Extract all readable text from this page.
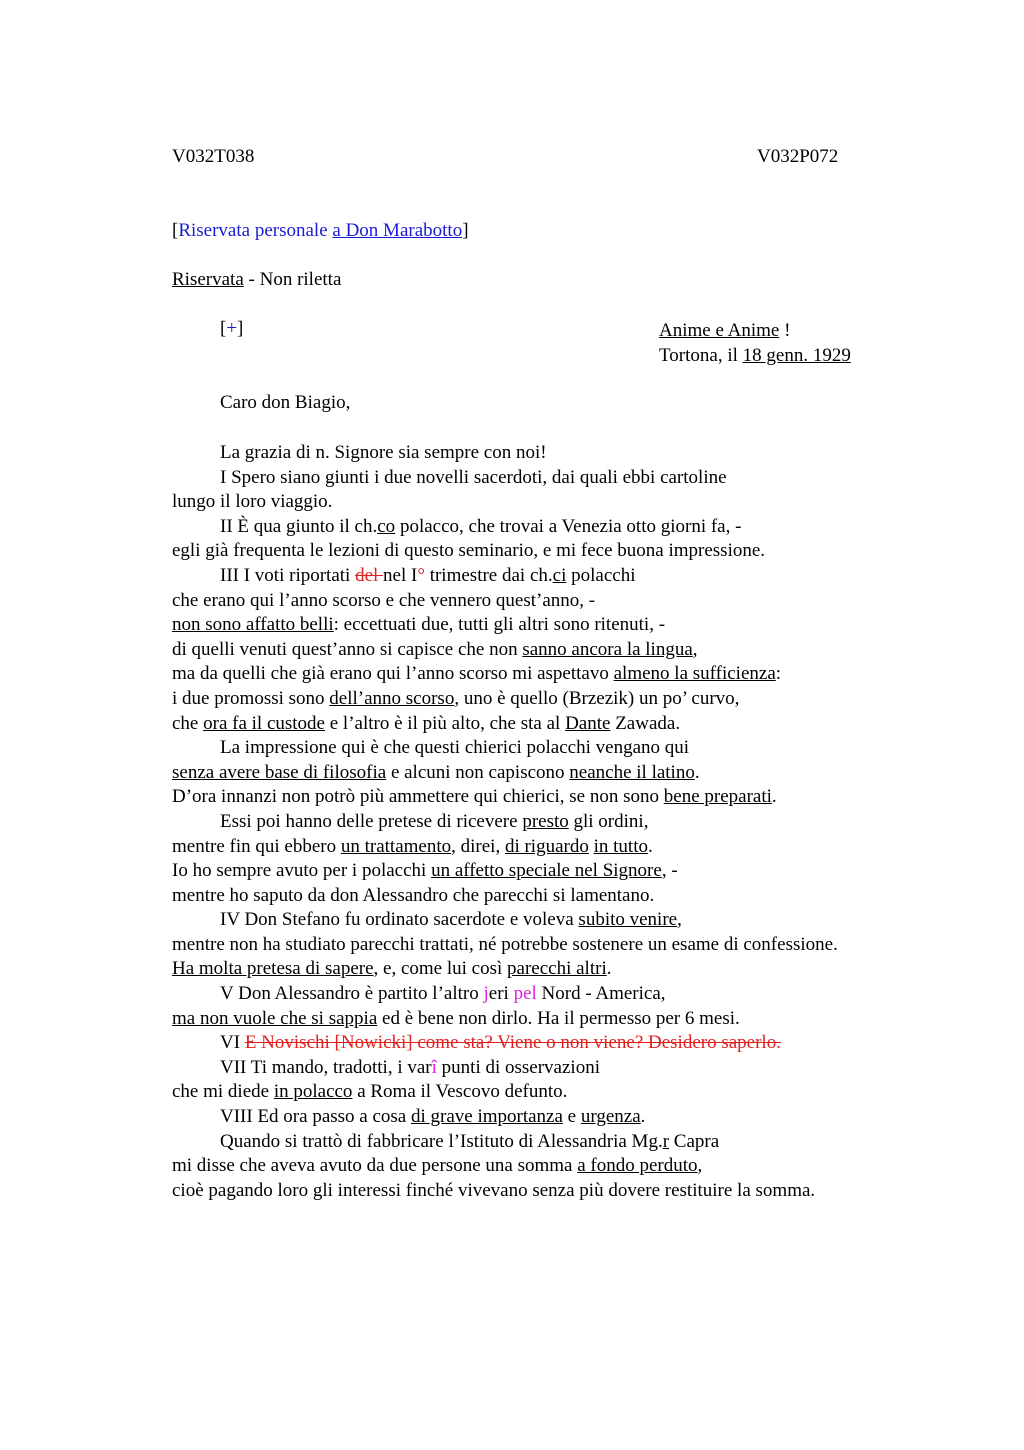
V032T038	V032P072
[Riservata personale a Don Marabotto]
Riservata - Non riletta
[+]	Anime e Anime !
Tortona, il 18 genn. 1929
Caro don Biagio,
La grazia di n. Signore sia sempre con noi!
I Spero siano giunti i due novelli sacerdoti, dai quali ebbi cartoline
lungo il loro viaggio.
II È qua giunto il ch.co polacco, che trovai a Venezia otto giorni fa, -
egli già frequenta le lezioni di questo seminario, e mi fece buona impressione.
III I voti riportati del nel I° trimestre dai ch.ci polacchi
che erano qui l’anno scorso e che vennero quest’anno, -
non sono affatto belli: eccettuati due, tutti gli altri sono ritenuti, -
di quelli venuti quest’anno si capisce che non sanno ancora la lingua,
ma da quelli che già erano qui l’anno scorso mi aspettavo almeno la sufficienza:
i due promossi sono dell’anno scorso, uno è quello (Brzezik) un po’ curvo,
che ora fa il custode e l’altro è il più alto, che sta al Dante Zawada.
La impressione qui è che questi chierici polacchi vengano qui
senza avere base di filosofia e alcuni non capiscono neanche il latino.
D’ora innanzi non potrò più ammettere qui chierici, se non sono bene preparati.
Essi poi hanno delle pretese di ricevere presto gli ordini,
mentre fin qui ebbero un trattamento, direi, di riguardo in tutto.
Io ho sempre avuto per i polacchi un affetto speciale nel Signore, -
mentre ho saputo da don Alessandro che parecchi si lamentano.
IV Don Stefano fu ordinato sacerdote e voleva subito venire,
mentre non ha studiato parecchi trattati, né potrebbe sostenere un esame di confessione.
Ha molta pretesa di sapere, e, come lui così parecchi altri.
V Don Alessandro è partito l’altro jeri pel Nord - America,
ma non vuole che si sappia ed è bene non dirlo. Ha il permesso per 6 mesi.
VI E Novischi [Nowicki] come sta? Viene o non viene? Desidero saperlo.
VII Ti mando, tradotti, i varî punti di osservazioni
che mi diede in polacco a Roma il Vescovo defunto.
VIII Ed ora passo a cosa di grave importanza e urgenza.
Quando si trattò di fabbricare l’Istituto di Alessandria Mg.r Capra
mi disse che aveva avuto da due persone una somma a fondo perduto,
cioè pagando loro gli interessi finché vivevano senza più dovere restituire la somma.
